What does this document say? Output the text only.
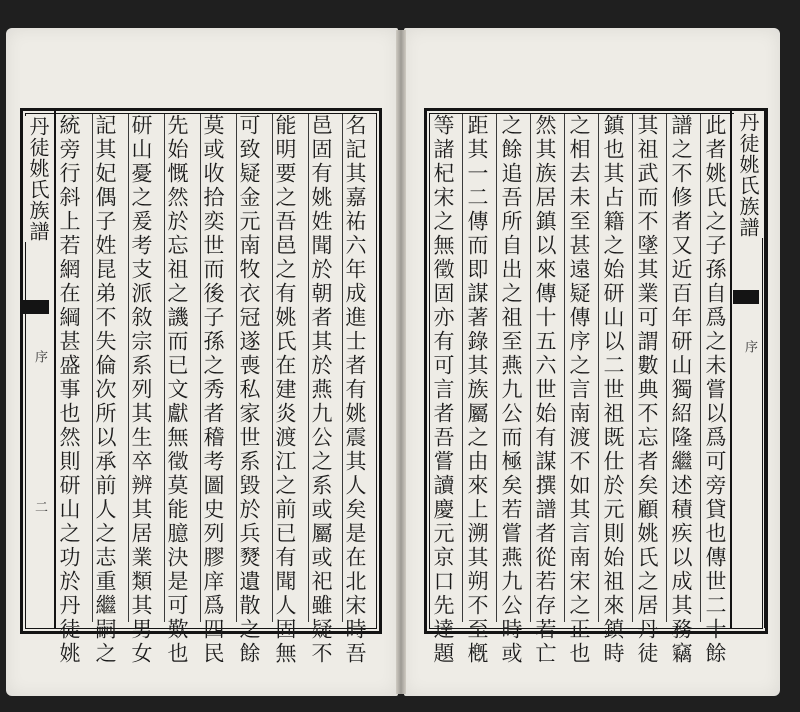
丹徒姚氏族譜
序
二	名記其嘉祐六年成進士者有姚震其人矣是在北宋時吾
邑固有姚姓聞於朝者其於燕九公之系或屬或祀雖疑不
能明要之吾邑之有姚氏在建炎渡江之前已有聞人固無
可致疑金元南牧衣冠遂喪私家世系毀於兵燹遺散之餘
莫或收拾奕世而後子孫之秀者稽考圖史列膠庠爲四民
先始慨然於忘祖之譏而已文獻無徵莫能臆決是可歎也
研山憂之爰考支派敘宗系列其生卒辨其居業類其男女
記其妃偶子姓昆弟不失倫次所以承前人之志重繼嗣之
統旁行斜上若網在綱甚盛事也然則研山之功於丹徒姚	丹徒姚氏族譜
序
此者姚氏之子孫自爲之未嘗以爲可旁貸也傳世二十餘
譜之不修者又近百年研山獨紹隆繼述積疾以成其務竊
其祖武而不墜其業可謂數典不忘者矣顧姚氏之居丹徒
鎮也其占籍之始研山以二世祖既仕於元則始祖來鎮時
之相去未至甚遠疑傳序之言南渡不如其言南宋之正也
然其族居鎮以來傳十五六世始有謀撰譜者從若存若亡
之餘追吾所自出之祖至燕九公而極矣若嘗燕九公時或
距其一二傳而即謀著錄其族屬之由來上溯其朔不至槪
等諸杞宋之無徵固亦有可言者吾嘗讀慶元京口先達題
